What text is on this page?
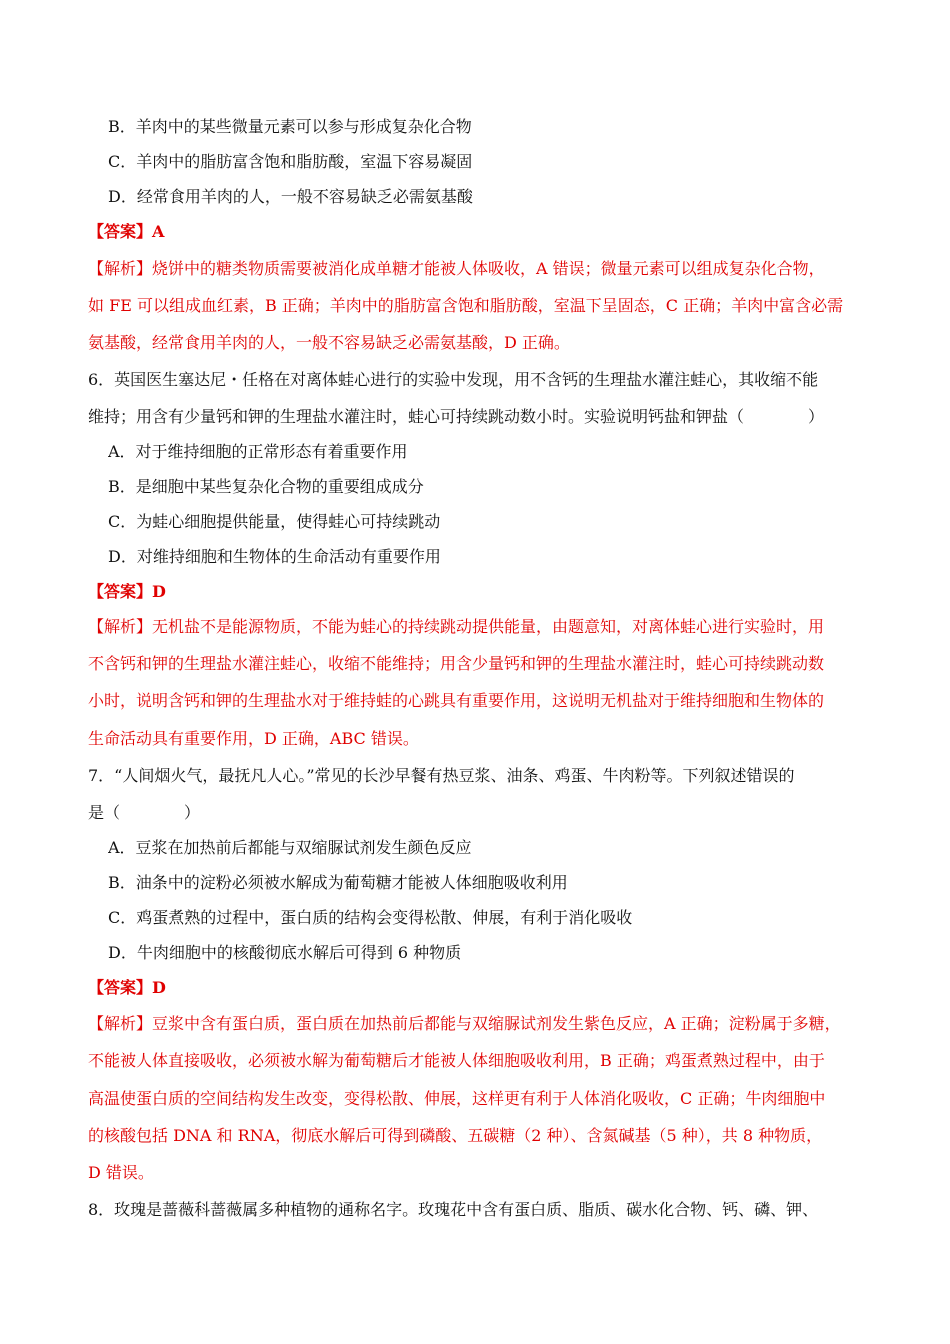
B．羊肉中的某些微量元素可以参与形成复杂化合物
C．羊肉中的脂肪富含饱和脂肪酸，室温下容易凝固
D．经常食用羊肉的人，一般不容易缺乏必需氨基酸
【答案】A
【解析】烧饼中的糖类物质需要被消化成单糖才能被人体吸收，A 错误；微量元素可以组成复杂化合物，
如 FE 可以组成血红素，B 正确；羊肉中的脂肪富含饱和脂肪酸，室温下呈固态，C 正确；羊肉中富含必需
氨基酸，经常食用羊肉的人，一般不容易缺乏必需氨基酸，D 正确。
6．英国医生塞达尼・任格在对离体蛙心进行的实验中发现，用不含钙的生理盐水灌注蛙心，其收缩不能
维持；用含有少量钙和钾的生理盐水灌注时，蛙心可持续跳动数小时。实验说明钙盐和钾盐（　　　　）
A．对于维持细胞的正常形态有着重要作用
B．是细胞中某些复杂化合物的重要组成成分
C．为蛙心细胞提供能量，使得蛙心可持续跳动
D．对维持细胞和生物体的生命活动有重要作用
【答案】D
【解析】无机盐不是能源物质，不能为蛙心的持续跳动提供能量，由题意知，对离体蛙心进行实验时，用
不含钙和钾的生理盐水灌注蛙心，收缩不能维持；用含少量钙和钾的生理盐水灌注时，蛙心可持续跳动数
小时，说明含钙和钾的生理盐水对于维持蛙的心跳具有重要作用，这说明无机盐对于维持细胞和生物体的
生命活动具有重要作用，D 正确，ABC 错误。
7．“人间烟火气，最抚凡人心。”常见的长沙早餐有热豆浆、油条、鸡蛋、牛肉粉等。下列叙述错误的
是（　　　　）
A．豆浆在加热前后都能与双缩脲试剂发生颜色反应
B．油条中的淀粉必须被水解成为葡萄糖才能被人体细胞吸收利用
C．鸡蛋煮熟的过程中，蛋白质的结构会变得松散、伸展，有利于消化吸收
D．牛肉细胞中的核酸彻底水解后可得到 6 种物质
【答案】D
【解析】豆浆中含有蛋白质，蛋白质在加热前后都能与双缩脲试剂发生紫色反应，A 正确；淀粉属于多糖，
不能被人体直接吸收，必须被水解为葡萄糖后才能被人体细胞吸收利用，B 正确；鸡蛋煮熟过程中，由于
高温使蛋白质的空间结构发生改变，变得松散、伸展，这样更有利于人体消化吸收，C 正确；牛肉细胞中
的核酸包括 DNA 和 RNA，彻底水解后可得到磷酸、五碳糖（2 种）、含氮碱基（5 种），共 8 种物质，
D 错误。
8．玫瑰是蔷薇科蔷薇属多种植物的通称名字。玫瑰花中含有蛋白质、脂质、碳水化合物、钙、磷、钾、
